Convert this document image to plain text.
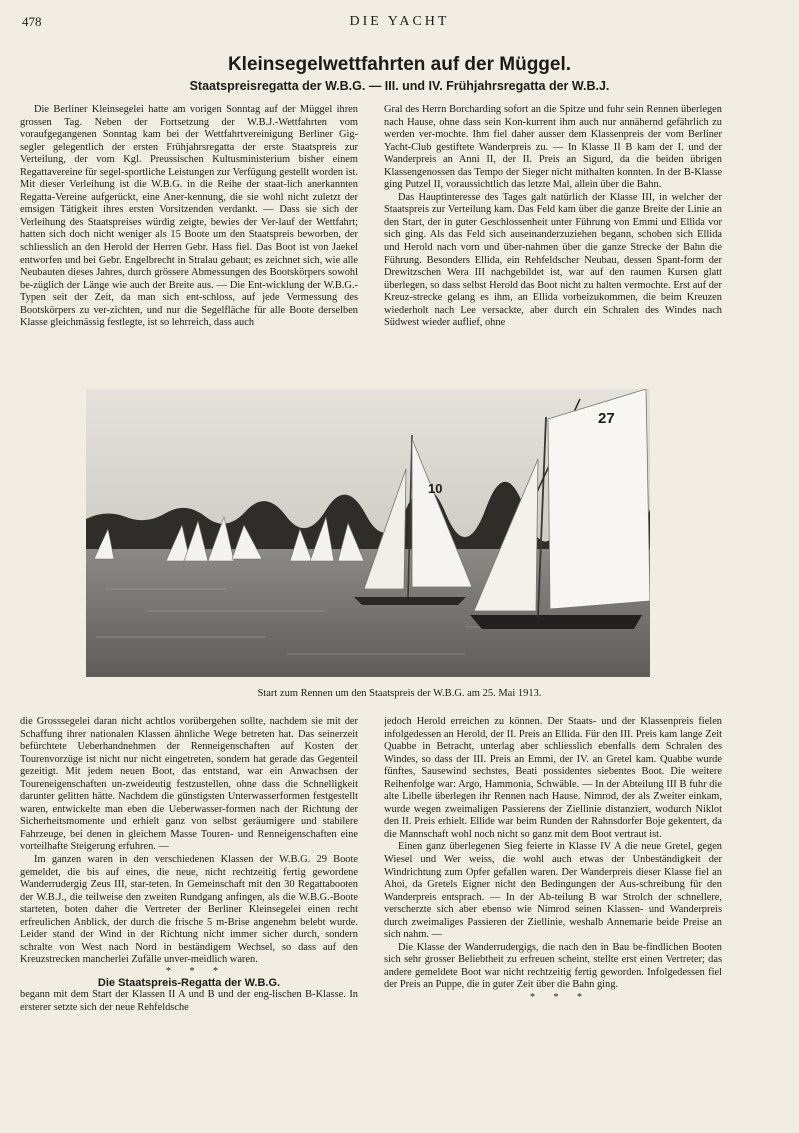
478	DIE YACHT
Kleinsegelwettfahrten auf der Müggel.
Staatspreisregatta der W.B.G. — III. und IV. Frühjahrsregatta der W.B.J.

Die Berliner Kleinsegelei hatte am vorigen Sonntag auf der Müggel ihren grossen Tag. Neben der Fortsetzung der W.B.J.-Wettfahrten vom voraufgegangenen Sonntag kam bei der Wettfahrtvereinigung Berliner Gig-segler gelegentlich der ersten Frühjahrsregatta der erste Staatspreis zur Verteilung, der vom Kgl. Preussischen Kultusministerium bisher einem Regattavereine für segel-sportliche Leistungen zur Verfügung gestellt worden ist. Mit dieser Verleihung ist die W.B.G. in die Reihe der staat-lich anerkannten Regatta-Vereine aufgerückt, eine Aner-kennung, die sie wohl nicht zuletzt der emsigen Tätigkeit ihres ersten Vorsitzenden verdankt. — Dass sie sich der Verleihung des Staatspreises würdig zeigte, bewies der Ver-lauf der Wettfahrt; hatten sich doch nicht weniger als 15 Boote um den Staatspreis beworben, der schliesslich an den Herold der Herren Gebr. Hass fiel. Das Boot ist von Jaekel entworfen und bei Gebr. Engelbrecht in Stralau gebaut; es zeichnet sich, wie alle Neubauten dieses Jahres, durch grössere Abmessungen des Bootskörpers sowohl be-züglich der Länge wie auch der Breite aus. — Die Ent-wicklung der W.B.G.-Typen seit der Zeit, da man sich ent-schloss, auf jede Vermessung des Bootskörpers zu ver-zichten, und nur die Segelfläche für alle Boote derselben Klasse gleichmässig festlegte, ist so lehrreich, dass auch

Gral des Herrn Borcharding sofort an die Spitze und fuhr sein Rennen überlegen nach Hause, ohne dass sein Kon-kurrent ihm auch nur annähernd gefährlich zu werden ver-mochte. Ihm fiel daher ausser dem Klassenpreis der vom Berliner Yacht-Club gestiftete Wanderpreis zu. — In Klasse II B kam der I. und der Wanderpreis an Anni II, der II. Preis an Sigurd, da die beiden übrigen Klassengenossen das Tempo der Sieger nicht mithalten konnten. In der B-Klasse ging Putzel II, voraussichtlich das letzte Mal, allein über die Bahn.

Das Hauptinteresse des Tages galt natürlich der Klasse III, in welcher der Staatspreis zur Verteilung kam. Das Feld kam über die ganze Breite der Linie an den Start, der in guter Geschlossenheit unter Führung von Emmi und Ellida vor sich ging. Als das Feld sich auseinanderzuziehen begann, schoben sich Ellida und Herold nach vorn und über-nahmen über die ganze Strecke der Bahn die Führung. Besonders Ellida, ein Rehfeldscher Neubau, dessen Spant-form der Drewitzschen Wera III nachgebildet ist, war auf den raumen Kursen glatt überlegen, so dass selbst Herold das Boot nicht zu halten vermochte. Erst auf der Kreuz-strecke gelang es ihm, an Ellida vorbeizukommen, die beim Kreuzen wiederholt nach Lee versackte, aber durch ein Schralen des Windes nach Südwest wieder auflief, ohne

10
27
Start zum Rennen um den Staatspreis der W.B.G. am 25. Mai 1913.

die Grosssegelei daran nicht achtlos vorübergehen sollte, nachdem sie mit der Schaffung ihrer nationalen Klassen ähnliche Wege betreten hat. Das seinerzeit befürchtete Ueberhandnehmen der Renneigenschaften auf Kosten der Tourenvorzüge ist nicht nur nicht eingetreten, sondern hat gerade das Gegenteil gezeitigt. Mit jedem neuen Boot, das entstand, war ein Anwachsen der Toureneigenschaften un-zweideutig festzustellen, ohne dass die Schnelligkeit darunter gelitten hätte. Nachdem die günstigsten Unterwasserformen festgestellt waren, entwickelte man eben die Ueberwasser-formen nach der Richtung der Sicherheitsmomente und erhielt ganz von selbst geräumigere und stabilere Fahrzeuge, bei denen in gleichem Masse Touren- und Renneigenschaften eine vorteilhafte Steigerung erfuhren. —

Im ganzen waren in den verschiedenen Klassen der W.B.G. 29 Boote gemeldet, die bis auf eines, die neue, nicht rechtzeitig fertig gewordene Wanderrudergig Zeus III, star-teten. In Gemeinschaft mit den 30 Regattabooten der W.B.J., die teilweise den zweiten Rundgang anfingen, als die W.B.G.-Boote starteten, boten daher die Vertreter der Berliner Kleinsegelei einen recht erfreulichen Anblick, der durch die frische 5 m-Brise angenehm belebt wurde. Leider stand der Wind in der Richtung nicht immer sicher durch, sondern schralte von West nach Nord in beständigem Wechsel, so dass auf den Kreuzstrecken mancherlei Zufälle unver-meidlich waren.

* * *

Die Staatspreis-Regatta der W.B.G.

begann mit dem Start der Klassen II A und B und der eng-lischen B-Klasse. In ersterer setzte sich der neue Rehfeldsche

jedoch Herold erreichen zu können. Der Staats- und der Klassenpreis fielen infolgedessen an Herold, der II. Preis an Ellida. Für den III. Preis kam lange Zeit Quabbe in Betracht, unterlag aber schliesslich ebenfalls dem Schralen des Windes, so dass der III. Preis an Emmi, der IV. an Gretel kam. Quabbe wurde fünftes, Sausewind sechstes, Beati possidentes siebentes Boot. Die weitere Reihenfolge war: Argo, Hammonia, Schwäble. — In der Abteilung III B fuhr die alte Libelle überlegen ihr Rennen nach Hause. Nimrod, der als Zweiter einkam, wurde wegen zweimaligen Passierens der Ziellinie distanziert, wodurch Niklot den II. Preis erhielt. Ellide war beim Runden der Rahnsdorfer Boje gekentert, da die Mannschaft wohl noch nicht so ganz mit dem Boot vertraut ist.

Einen ganz überlegenen Sieg feierte in Klasse IV A die neue Gretel, gegen Wiesel und Wer weiss, die wohl auch etwas der Unbeständigkeit der Windrichtung zum Opfer gefallen waren. Der Wanderpreis dieser Klasse fiel an Ahoi, da Gretels Eigner nicht den Bedingungen der Aus-schreibung für den Wanderpreis entsprach. — In der Ab-teilung B war Strolch der schnellere, verscherzte sich aber ebenso wie Nimrod seinen Klassen- und Wanderpreis durch zweimaliges Passieren der Ziellinie, weshalb Annemarie beide Preise an sich nahm. —

Die Klasse der Wanderrudergigs, die nach den in Bau be-findlichen Booten sich sehr grosser Beliebtheit zu erfreuen scheint, stellte erst einen Vertreter; das andere gemeldete Boot war nicht rechtzeitig fertig geworden. Infolgedessen fiel der Preis an Puppe, die in guter Zeit über die Bahn ging.

* * *
